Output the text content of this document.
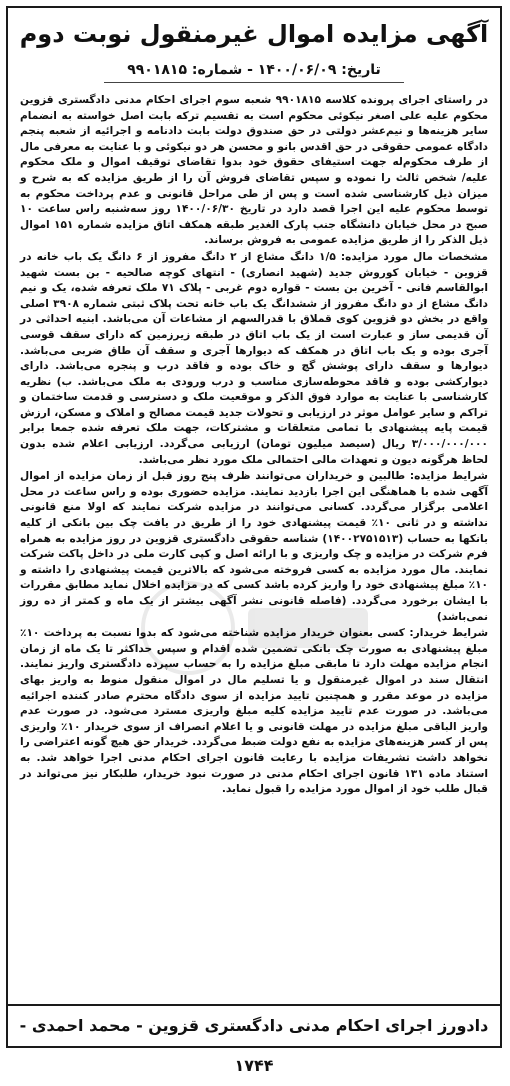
آگهی مزایده اموال غیرمنقول نوبت دوم
تاریخ: ۱۴۰۰/۰۶/۰۹ - شماره: ۹۹۰۱۸۱۵

در راستای اجرای پرونده کلاسه ۹۹۰۱۸۱۵ شعبه سوم اجرای احکام مدنی دادگستری قزوین محکوم علیه علی اصغر نیکوئی محکوم است به تقسیم ترکه بابت اصل خواسته به انضمام سایر هزینه‌ها و نیم‌عشر دولتی در حق صندوق دولت بابت دادنامه و اجرائیه از شعبه پنجم دادگاه عمومی حقوقی در حق اقدس بانو و محسن هر دو نیکوئی و با عنایت به معرفی مال از طرف محکوم‌له جهت استیفای حقوق خود بدوا تقاضای توقیف اموال و ملک محکوم علیه/ شخص ثالث را نموده و سپس تقاضای فروش آن را از طریق مزایده که به شرح و میزان ذیل کارشناسی شده است و پس از طی مراحل قانونی و عدم پرداخت محکوم به توسط محکوم علیه این اجرا قصد دارد در تاریخ ۱۴۰۰/۰۶/۳۰ روز سه‌شنبه راس ساعت ۱۰ صبح در محل خیابان دانشگاه جنب پارک الغدیر طبقه همکف اتاق مزایده شماره ۱۵۱ اموال ذیل الذکر را از طریق مزایده عمومی به فروش برساند.

مشخصات مال مورد مزایده: ۱/۵ دانگ مشاع از ۲ دانگ مفروز از ۶ دانگ یک باب خانه در قزوین - خیابان کوروش جدید (شهید انصاری) - انتهای کوچه صالحیه - بن بست شهید ابوالقاسم فانی - آخرین بن بست - قواره دوم غربی - پلاک ۷۱ ملک تعرفه شده، یک و نیم دانگ مشاع از دو دانگ مفروز از ششدانگ یک باب خانه تحت پلاک ثبتی شماره ۳۹۰۸ اصلی واقع در بخش دو قزوین کوی قملاق با قدرالسهم از مشاعات آن می‌باشد. ابنیه احداثی در آن قدیمی ساز و عبارت است از یک باب اتاق در طبقه زیرزمین که دارای سقف قوسی آجری بوده و یک باب اتاق در همکف که دیوارها آجری و سقف آن طاق ضربی می‌باشد. دیوارها و سقف دارای پوشش گچ و خاک بوده و فاقد درب و پنجره می‌باشد. دارای دیوارکشی بوده و فاقد محوطه‌سازی مناسب و درب ورودی به ملک می‌باشد. ب) نظریه کارشناسی با عنایت به موارد فوق الذکر و موقعیت ملک و دسترسی و قدمت ساختمان و تراکم و سایر عوامل موثر در ارزیابی و تحولات جدید قیمت مصالح و املاک و مسکن، ارزش قیمت پایه پیشنهادی با تمامی متعلقات و مشترکات، جهت ملک تعرفه شده جمعا برابر ۳/۰۰۰/۰۰۰/۰۰۰ ریال (سیصد میلیون تومان) ارزیابی می‌گردد. ارزیابی اعلام شده بدون لحاظ هرگونه دیون و تعهدات مالی احتمالی ملک مورد نظر می‌باشد.

شرایط مزایده: طالبین و خریداران می‌توانند ظرف پنج روز قبل از زمان مزایده از اموال آگهی شده با هماهنگی این اجرا بازدید نمایند. مزایده حضوری بوده و راس ساعت در محل اعلامی برگزار می‌گردد. کسانی می‌توانند در مزایده شرکت نمایند که اولا منع قانونی نداشته و در ثانی ۱۰٪ قیمت پیشنهادی خود را از طریق در یافت چک بین بانکی از کلیه بانکها به حساب (۱۴۰۰۲۷۵۱۵۱۳) شناسه حقوقی دادگستری قزوین در روز مزایده به همراه فرم شرکت در مزایده و چک واریزی و با ارائه اصل و کپی کارت ملی در داخل پاکت شرکت نمایند. مال مورد مزایده به کسی فروخته می‌شود که بالاترین قیمت پیشنهادی را داشته و ۱۰٪ مبلغ پیشنهادی خود را واریز کرده باشد کسی که در مزایده اخلال نماید مطابق مقررات با ایشان برخورد می‌گردد. (فاصله قانونی نشر آگهی بیشتر از یک ماه و کمتر از ده روز نمی‌باشد)

شرایط خریدار: کسی بعنوان خریدار مزایده شناخته می‌شود که بدوا نسبت به پرداخت ۱۰٪ مبلغ پیشنهادی به صورت چک بانکی تضمین شده اقدام و سپس حداکثر تا یک ماه از زمان انجام مزایده مهلت دارد تا مابقی مبلغ مزایده را به حساب سپرده دادگستری واریز نمایند. انتقال سند در اموال غیرمنقول و یا تسلیم مال در اموال منقول منوط به واریز بهای مزایده در موعد مقرر و همچنین تایید مزایده از سوی دادگاه محترم صادر کننده اجرائیه می‌باشد. در صورت عدم تایید مزایده کلیه مبلغ واریزی مسترد می‌شود. در صورت عدم واریز الباقی مبلغ مزایده در مهلت قانونی و یا اعلام انصراف از سوی خریدار ۱۰٪ واریزی پس از کسر هزینه‌های مزایده به نفع دولت ضبط می‌گردد. خریدار حق هیچ گونه اعتراضی را نخواهد داشت تشریفات مزایده با رعایت قانون اجرای احکام مدنی اجرا خواهد شد. به استناد ماده ۱۳۱ قانون اجرای احکام مدنی در صورت نبود خریدار، طلبکار نیز می‌تواند در قبال طلب خود از اموال مورد مزایده را قبول نماید.

دادورز اجرای احکام مدنی دادگستری قزوین - محمد احمدی - ۱۷۴۴
